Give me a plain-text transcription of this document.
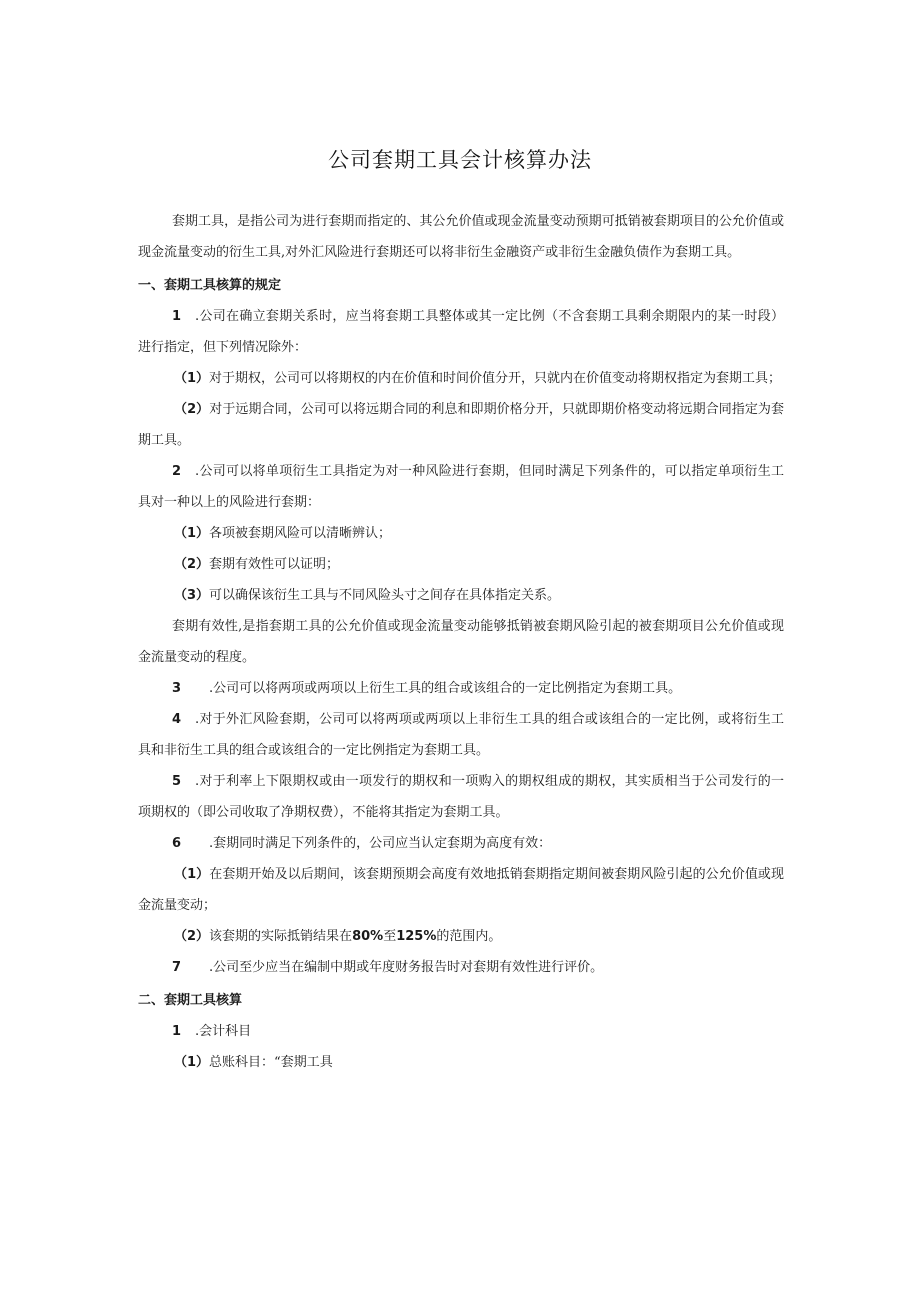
公司套期工具会计核算办法

套期工具，是指公司为进行套期而指定的、其公允价值或现金流量变动预期可抵销被套期项目的公允价值或现金流量变动的衍生工具,对外汇风险进行套期还可以将非衍生金融资产或非衍生金融负债作为套期工具。

一、套期工具核算的规定

1 .公司在确立套期关系时，应当将套期工具整体或其一定比例（不含套期工具剩余期限内的某一时段）进行指定，但下列情况除外：

（1）对于期权，公司可以将期权的内在价值和时间价值分开，只就内在价值变动将期权指定为套期工具；

（2）对于远期合同，公司可以将远期合同的利息和即期价格分开，只就即期价格变动将远期合同指定为套期工具。

2 .公司可以将单项衍生工具指定为对一种风险进行套期，但同时满足下列条件的，可以指定单项衍生工具对一种以上的风险进行套期：

（1）各项被套期风险可以清晰辨认；

（2）套期有效性可以证明；

（3）可以确保该衍生工具与不同风险头寸之间存在具体指定关系。

套期有效性,是指套期工具的公允价值或现金流量变动能够抵销被套期风险引起的被套期项目公允价值或现金流量变动的程度。

3 .公司可以将两项或两项以上衍生工具的组合或该组合的一定比例指定为套期工具。

4 .对于外汇风险套期，公司可以将两项或两项以上非衍生工具的组合或该组合的一定比例，或将衍生工具和非衍生工具的组合或该组合的一定比例指定为套期工具。

5 .对于利率上下限期权或由一项发行的期权和一项购入的期权组成的期权，其实质相当于公司发行的一项期权的（即公司收取了净期权费），不能将其指定为套期工具。

6 .套期同时满足下列条件的，公司应当认定套期为高度有效：

（1）在套期开始及以后期间，该套期预期会高度有效地抵销套期指定期间被套期风险引起的公允价值或现金流量变动；

（2）该套期的实际抵销结果在80%至125%的范围内。

7 .公司至少应当在编制中期或年度财务报告时对套期有效性进行评价。

二、套期工具核算

1 .会计科目

（1）总账科目：“套期工具
